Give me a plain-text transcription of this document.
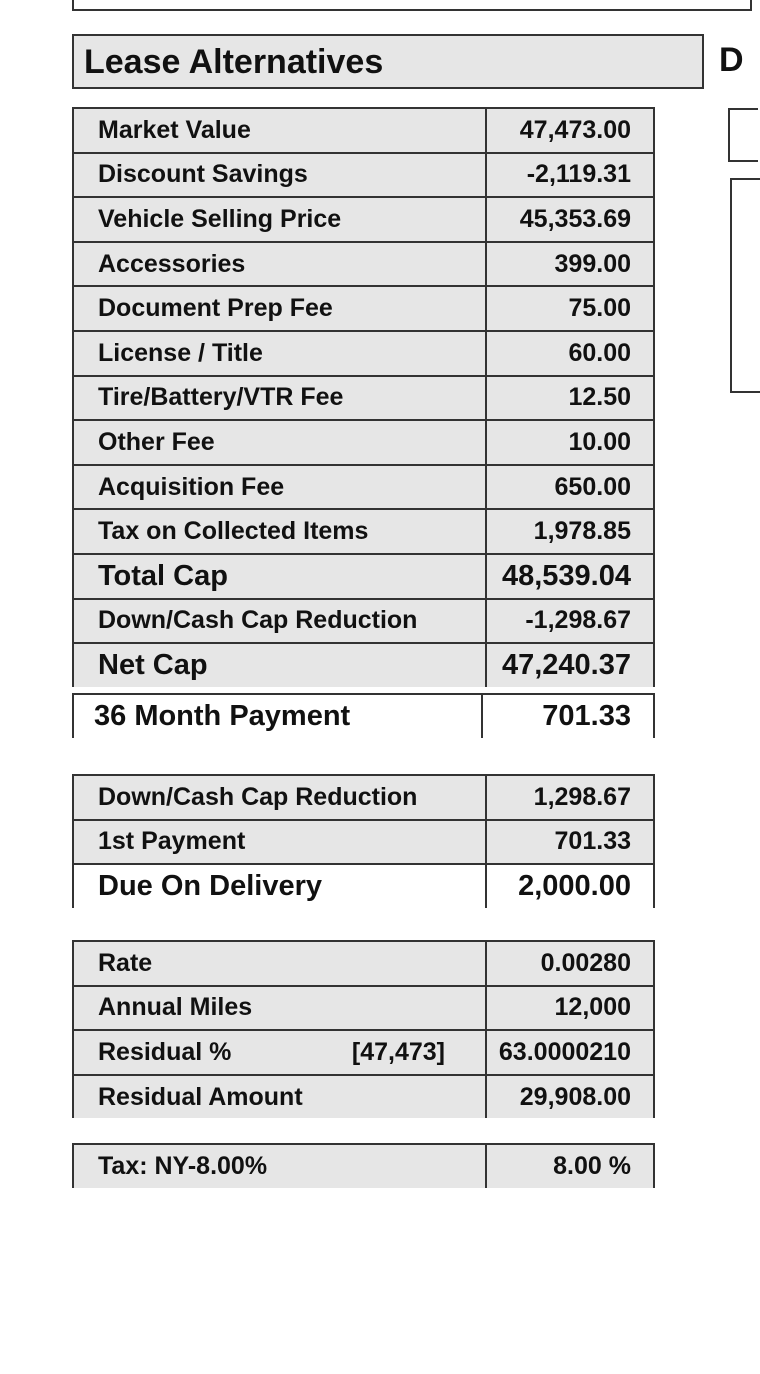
Lease Alternatives	D
Market Value	47,473.00
Discount Savings	-2,119.31
Vehicle Selling Price	45,353.69
Accessories	399.00
Document Prep Fee	75.00
License / Title	60.00
Tire/Battery/VTR Fee	12.50
Other Fee	10.00
Acquisition Fee	650.00
Tax on Collected Items	1,978.85
Total Cap	48,539.04
Down/Cash Cap Reduction	-1,298.67
Net Cap	47,240.37
36 Month Payment	701.33
Down/Cash Cap Reduction	1,298.67
1st Payment	701.33
Due On Delivery	2,000.00
Rate	0.00280
Annual Miles	12,000

Residual % [47,473]	63.0000210
Residual Amount	29,908.00
Tax: NY-8.00%	8.00 %
